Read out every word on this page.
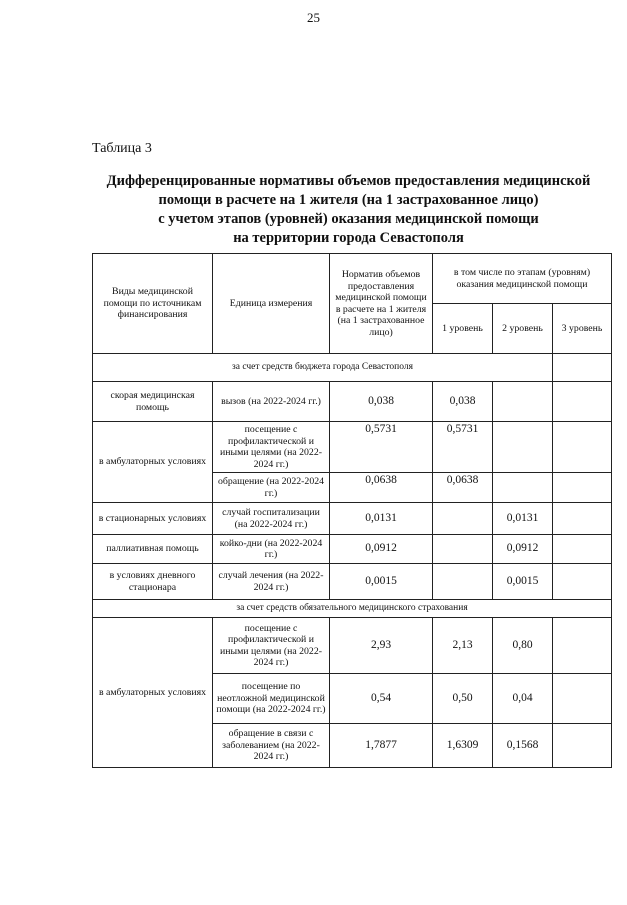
25
Таблица 3
Дифференцированные нормативы объемов предоставления медицинской
помощи в расчете на 1 жителя (на 1 застрахованное лицо)
с учетом этапов (уровней) оказания медицинской помощи
на территории города Севастополя
Виды медицинской помощи по источникам финансирования	Единица измерения	Норматив объемов предоставления медицинской помощи в расчете на 1 жителя (на 1 застрахованное лицо)	в том числе по этапам (уровням) оказания медицинской помощи		
			1 уровень	2 уровень	3 уровень
за счет средств бюджета города Севастополя					
скорая медицинская помощь	вызов (на 2022-2024 гг.)	0,038	0,038		
в амбулаторных условиях	посещение с профилактической и иными целями (на 2022-2024 гг.)	0,5731	0,5731		
	обращение (на 2022-2024 гг.)	0,0638	0,0638		
в стационарных условиях	случай госпитализации (на 2022-2024 гг.)	0,0131		0,0131	
паллиативная помощь	койко-дни (на 2022-2024 гг.)	0,0912		0,0912	
в условиях дневного стационара	случай лечения (на 2022-2024 гг.)	0,0015		0,0015	
за счет средств обязательного медицинского страхования					
в амбулаторных условиях	посещение с профилактической и иными целями (на 2022-2024 гг.)	2,93	2,13	0,80	
	посещение по неотложной медицинской помощи (на 2022-2024 гг.)	0,54	0,50	0,04	
	обращение в связи с заболеванием (на 2022-2024 гг.)	1,7877	1,6309	0,1568	
